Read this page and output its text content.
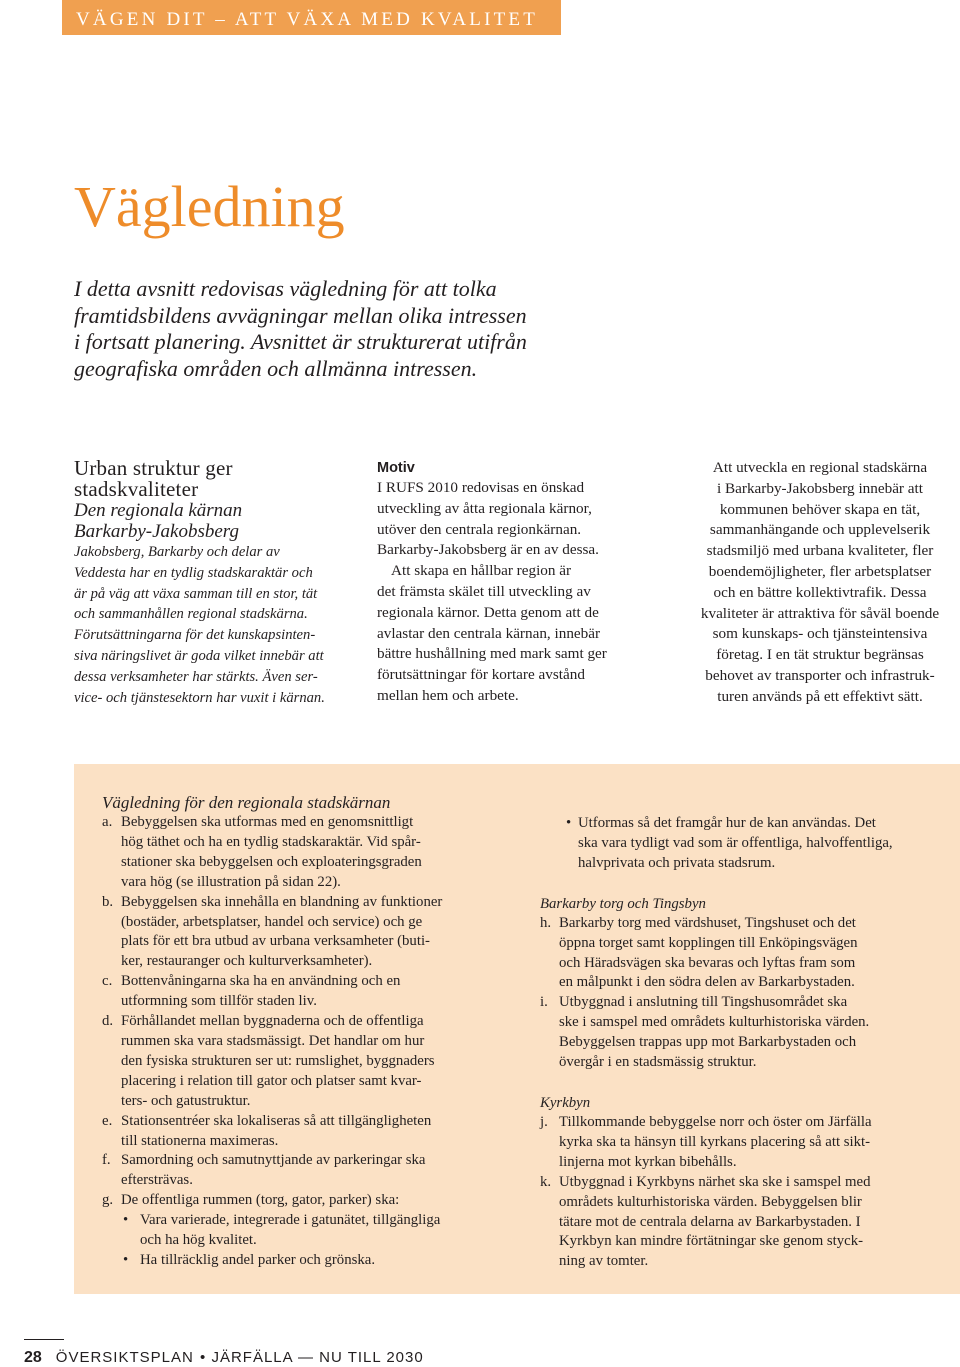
VÄGEN DIT – ATT VÄXA MED KVALITET
Vägledning
I detta avsnitt redovisas vägledning för att tolka
framtidsbildens avvägningar mellan olika intressen
i fortsatt planering. Avsnittet är strukturerat utifrån
geografiska områden och allmänna intressen.
Urban struktur ger
stadskvaliteter
Den regionala kärnan
Barkarby-Jakobsberg
Jakobsberg, Barkarby och delar av
Veddesta har en tydlig stadskaraktär och
är på väg att växa samman till en stor, tät
och sammanhållen regional stadskärna.
Förutsättningarna för det kunskapsinten-
siva näringslivet är goda vilket innebär att
dessa verksamheter har stärkts. Även ser-
vice- och tjänstesektorn har vuxit i kärnan.
Motiv
I RUFS 2010 redovisas en önskad
utveckling av åtta regionala kärnor,
utöver den centrala regionkärnan.
Barkarby-Jakobsberg är en av dessa.
Att skapa en hållbar region är
det främsta skälet till utveckling av
regionala kärnor. Detta genom att de
avlastar den centrala kärnan, innebär
bättre hushållning med mark samt ger
förutsättningar för kortare avstånd
mellan hem och arbete.
Att utveckla en regional stadskärna
i Barkarby-Jakobsberg innebär att
kommunen behöver skapa en tät,
sammanhängande och upplevelserik
stadsmiljö med urbana kvaliteter, fler
boendemöjligheter, fler arbetsplatser
och en bättre kollektivtrafik. Dessa
kvaliteter är attraktiva för såväl boende
som kunskaps- och tjänsteintensiva
företag. I en tät struktur begränsas
behovet av transporter och infrastruk-
turen används på ett effektivt sätt.
Vägledning för den regionala stadskärnan
a. Bebyggelsen ska utformas med en genomsnittligt
hög täthet och ha en tydlig stadskaraktär. Vid spår-
stationer ska bebyggelsen och exploateringsgraden
vara hög (se illustration på sidan 22).
b. Bebyggelsen ska innehålla en blandning av funktioner
(bostäder, arbetsplatser, handel och service) och ge
plats för ett bra utbud av urbana verksamheter (buti-
ker, restauranger och kulturverksamheter).
c. Bottenvåningarna ska ha en användning och en
utformning som tillför staden liv.
d. Förhållandet mellan byggnaderna och de offentliga
rummen ska vara stadsmässigt. Det handlar om hur
den fysiska strukturen ser ut: rumslighet, byggnaders
placering i relation till gator och platser samt kvar-
ters- och gatustruktur.
e. Stationsentréer ska lokaliseras så att tillgängligheten
till stationerna maximeras.
f. Samordning och samutnyttjande av parkeringar ska
eftersträvas.
g. De offentliga rummen (torg, gator, parker) ska:
• Vara varierade, integrerade i gatunätet, tillgängliga
och ha hög kvalitet.
• Ha tillräcklig andel parker och grönska.
• Utformas så det framgår hur de kan användas. Det
ska vara tydligt vad som är offentliga, halvoffentliga,
halvprivata och privata stadsrum.
Barkarby torg och Tingsbyn
h. Barkarby torg med värdshuset, Tingshuset och det
öppna torget samt kopplingen till Enköpingsvägen
och Häradsvägen ska bevaras och lyftas fram som
en målpunkt i den södra delen av Barkarbystaden.
i. Utbyggnad i anslutning till Tingshusområdet ska
ske i samspel med områdets kulturhistoriska värden.
Bebyggelsen trappas upp mot Barkarbystaden och
övergår i en stadsmässig struktur.
Kyrkbyn
j. Tillkommande bebyggelse norr och öster om Järfälla
kyrka ska ta hänsyn till kyrkans placering så att sikt-
linjerna mot kyrkan bibehålls.
k. Utbyggnad i Kyrkbyns närhet ska ske i samspel med
områdets kulturhistoriska värden. Bebyggelsen blir
tätare mot de centrala delarna av Barkarbystaden. I
Kyrkbyn kan mindre förtätningar ske genom styck-
ning av tomter.
28 ÖVERSIKTSPLAN • JÄRFÄLLA — NU TILL 2030
